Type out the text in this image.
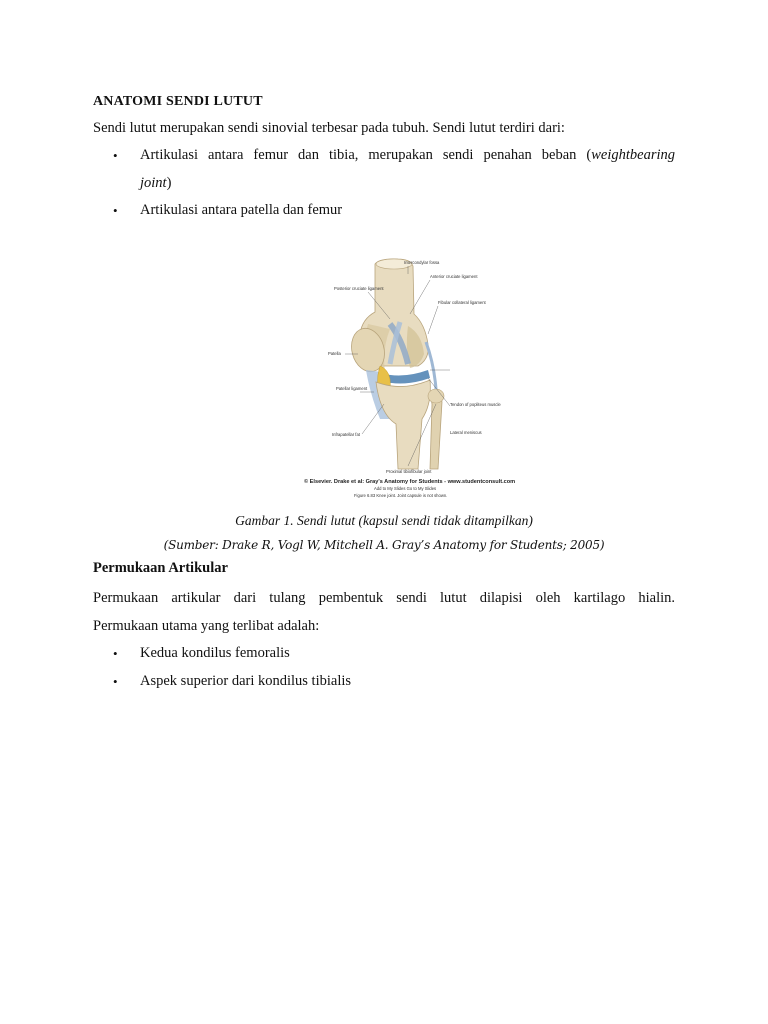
ANATOMI SENDI LUTUT
Sendi lutut merupakan sendi sinovial terbesar pada tubuh. Sendi lutut terdiri dari:
• Artikulasi antara femur dan tibia, merupakan sendi penahan beban (weightbearing
joint)
• Artikulasi antara patella dan femur
Intercondylar fossa
Anterior cruciate ligament
Posterior cruciate ligament
Fibular collateral ligament
Patella
Patellar ligament
Tendon of popliteus muscle
Lateral meniscus
Infrapatellar fat
Proximal tibiofibular joint
© Elsevier. Drake et al: Gray's Anatomy for Students - www.studentconsult.com
Add to My Slides Go to My Slides
Figure 6.83 Knee joint. Joint capsule is not shown.
Gambar 1. Sendi lutut (kapsul sendi tidak ditampilkan)
(Sumber: Drake R, Vogl W, Mitchell A. Gray’s Anatomy for Students; 2005)
Permukaan Artikular
Permukaan artikular dari tulang pembentuk sendi lutut dilapisi oleh kartilago hialin.
Permukaan utama yang terlibat adalah:
• Kedua kondilus femoralis
• Aspek superior dari kondilus tibialis
